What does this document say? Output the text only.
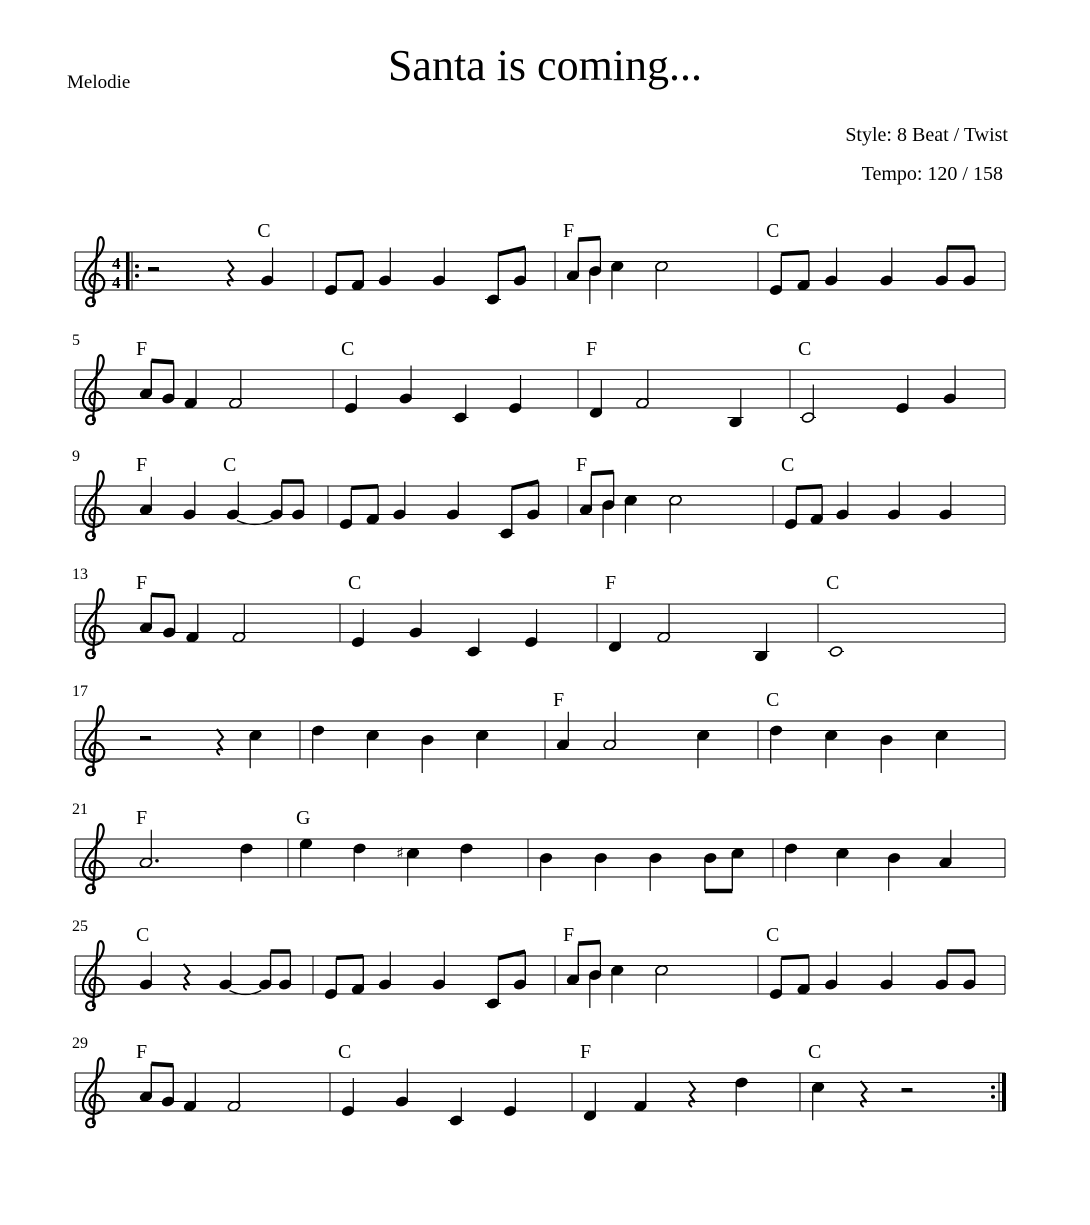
Santa is coming...
Melodie
Style: 8 Beat / Twist
Tempo: 120 / 158
4
4
C	F	C
5	F	C	F	C
9	F	C	F	C
13 F	C	F	C
17	F	C
21 F	G
♯
25 C	F	C
29 F	C	F	C
